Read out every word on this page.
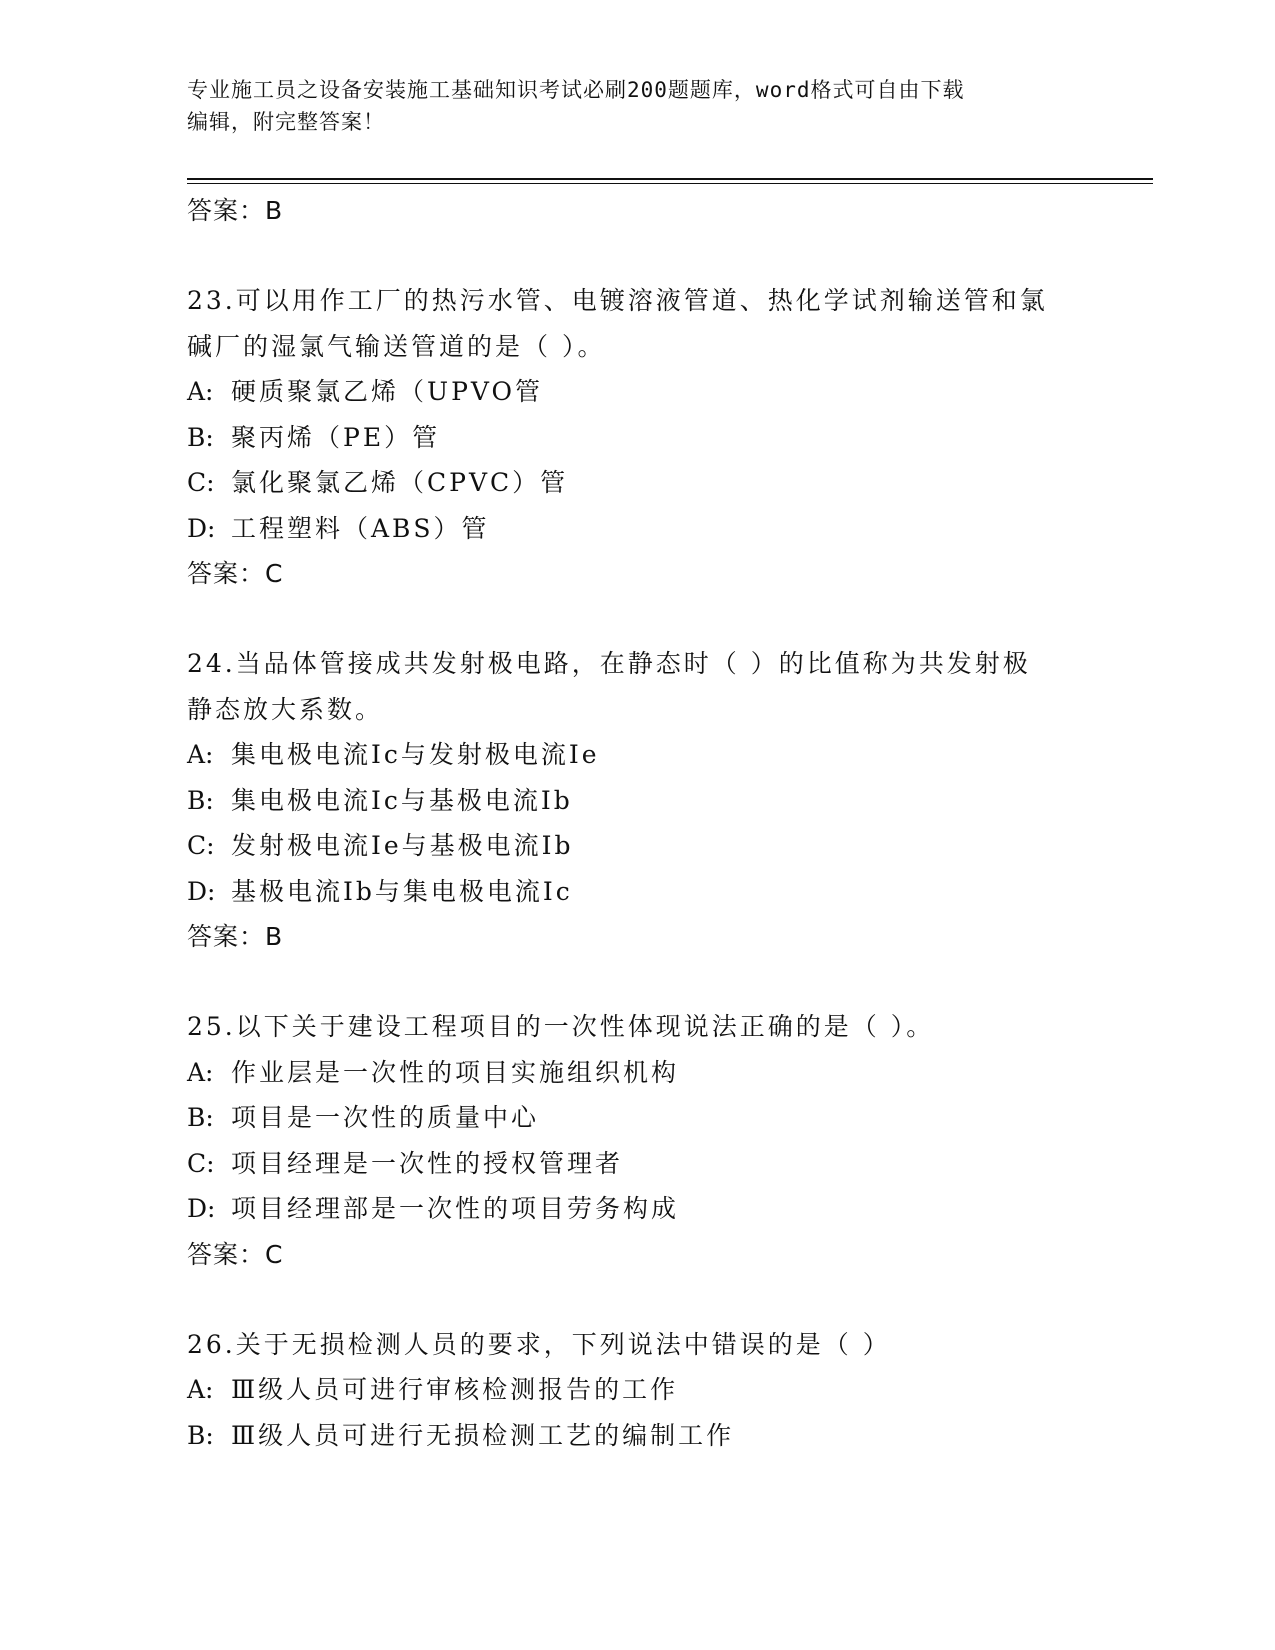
专业施工员之设备安装施工基础知识考试必刷200题题库，word格式可自由下载
编辑，附完整答案！
答案：B
23.可以用作工厂的热污水管、电镀溶液管道、热化学试剂输送管和氯
碱厂的湿氯气输送管道的是（ ）。
A: 硬质聚氯乙烯（UPVO管
B: 聚丙烯（PE）管
C: 氯化聚氯乙烯（CPVC）管
D: 工程塑料（ABS）管
答案：C
24.当品体管接成共发射极电路，在静态时（ ）的比值称为共发射极
静态放大系数。
A: 集电极电流Ic与发射极电流Ie
B: 集电极电流Ic与基极电流Ib
C: 发射极电流Ie与基极电流Ib
D: 基极电流Ib与集电极电流Ic
答案：B
25.以下关于建设工程项目的一次性体现说法正确的是（ ）。
A: 作业层是一次性的项目实施组织机构
B: 项目是一次性的质量中心
C: 项目经理是一次性的授权管理者
D: 项目经理部是一次性的项目劳务构成
答案：C
26.关于无损检测人员的要求，下列说法中错误的是（ ）
A: Ⅲ级人员可进行审核检测报告的工作
B: Ⅲ级人员可进行无损检测工艺的编制工作
